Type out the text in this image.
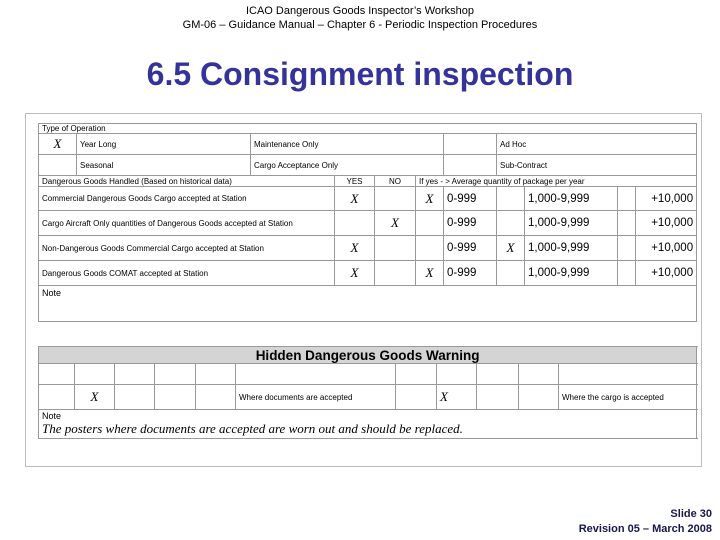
ICAO Dangerous Goods Inspector’s Workshop
GM-06 – Guidance Manual – Chapter 6 - Periodic Inspection Procedures
6.5 Consignment inspection
Type of Operation										
X	Year Long	Maintenance Only					Ad Hoc			
	Seasonal	Cargo Acceptance Only					Sub-Contract			
Dangerous Goods Handled (Based on historical data)			YES	NO	If yes - > Average quantity of package per year					
Commercial Dangerous Goods Cargo accepted at Station			X		X	0-999		1,000-9,999		+10,000
Cargo Aircraft Only quantities of Dangerous Goods accepted at Station				X		0-999		1,000-9,999		+10,000
Non-Dangerous Goods Commercial Cargo accepted at Station			X			0-999	X	1,000-9,999		+10,000
Dangerous Goods COMAT accepted at Station			X		X	0-999		1,000-9,999		+10,000

Note										
Hidden Dangerous Goods Warning										

	X				Where documents are accepted		X			Where the cargo is accepted

Note
The posters where documents are accepted are worn out and should be replaced.										
Slide 30
Revision 05 – March 2008
